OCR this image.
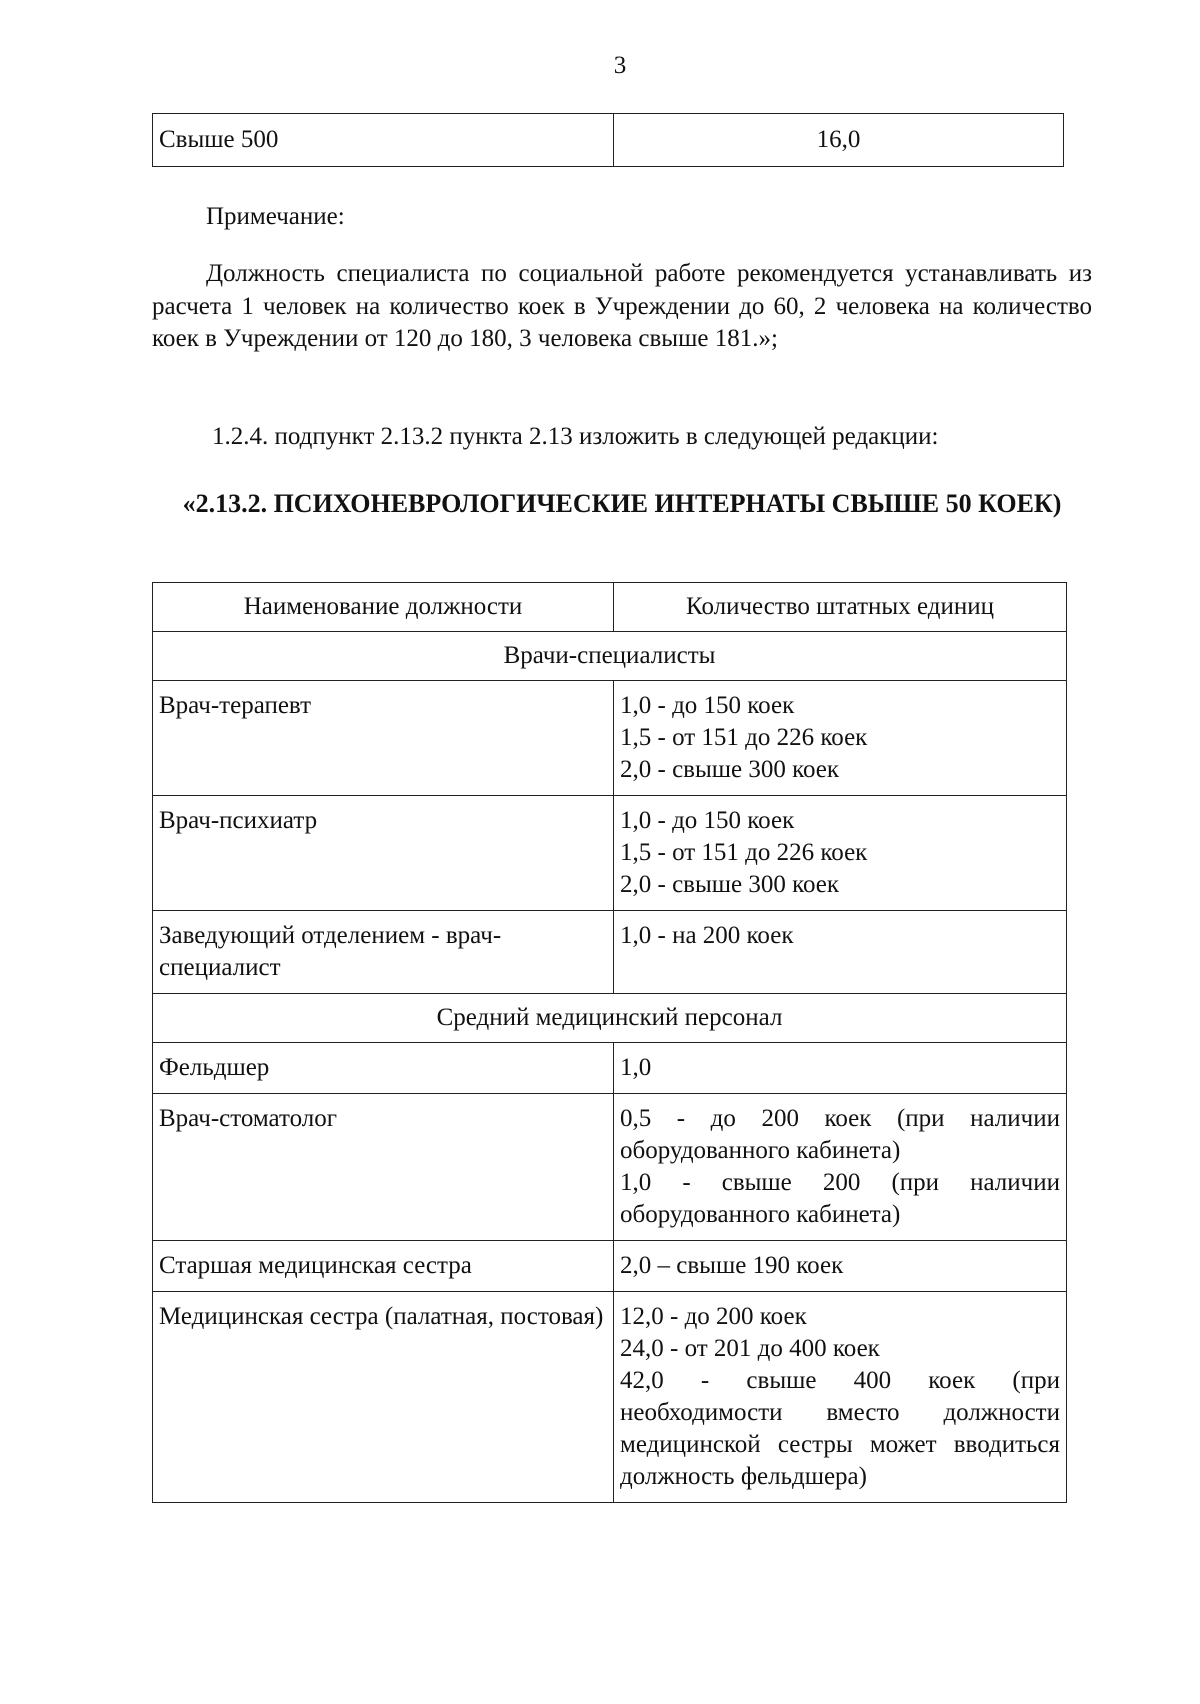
3
Свыше 500	16,0
Примечание:

Должность специалиста по социальной работе рекомендуется устанавливать из расчета 1 человек на количество коек в Учреждении до 60, 2 человека на количество коек в Учреждении от 120 до 180, 3 человека свыше 181.»;

1.2.4. подпункт 2.13.2 пункта 2.13 изложить в следующей редакции:
«2.13.2. ПСИХОНЕВРОЛОГИЧЕСКИЕ ИНТЕРНАТЫ СВЫШЕ 50 КОЕК)
Наименование должности	Количество штатных единиц
Врачи-специалисты	
Врач-терапевт	1,0 - до 150 коек
1,5 - от 151 до 226 коек
2,0 - свыше 300 коек

Врач-психиатр	1,0 - до 150 коек
1,5 - от 151 до 226 коек
2,0 - свыше 300 коек

Заведующий отделением - врач-специалист	1,0 - на 200 коек

Средний медицинский персонал	
Фельдшер	1,0

Врач-стоматолог	0,5 - до 200 коек (при наличии оборудованного кабинета)
1,0 - свыше 200 (при наличии оборудованного кабинета)

Старшая медицинская сестра	2,0 – свыше 190 коек

Медицинская сестра (палатная, постовая)	12,0 - до 200 коек
24,0 - от 201 до 400 коек
42,0 - свыше 400 коек (при необходимости вместо должности медицинской сестры может вводиться должность фельдшера)
